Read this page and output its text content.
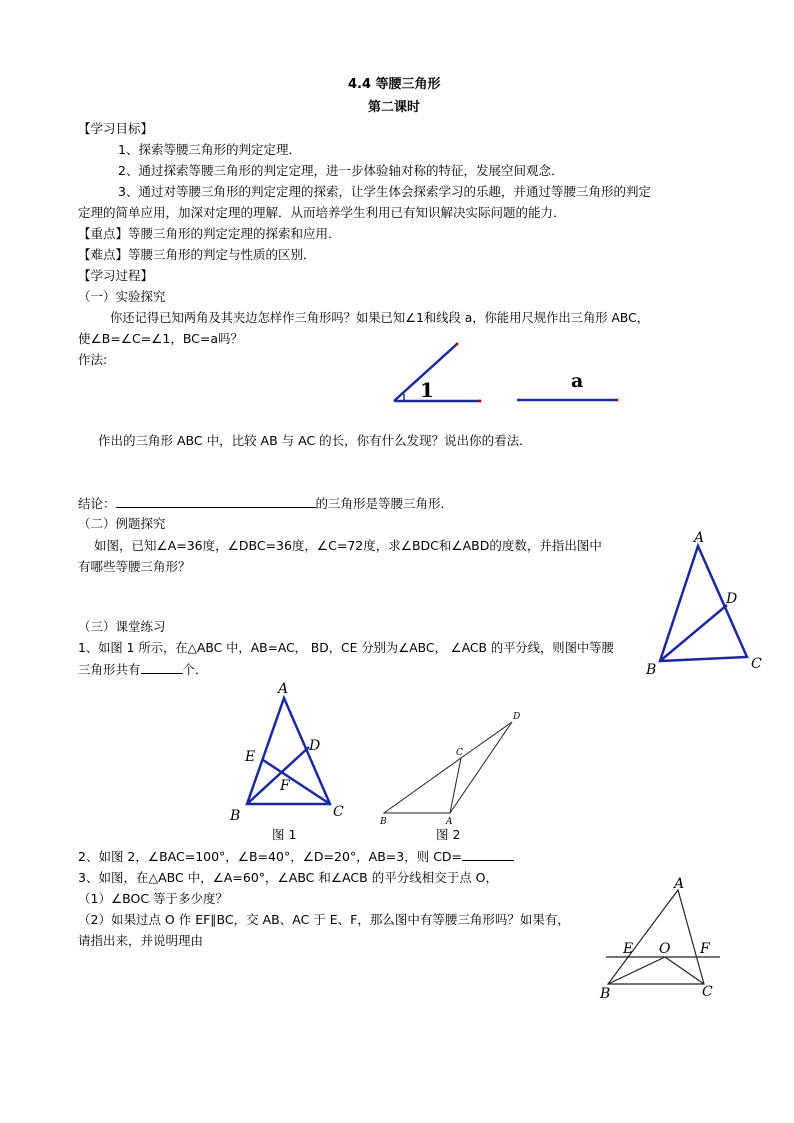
4.4 等腰三角形
第二课时
【学习目标】
1、探索等腰三角形的判定定理．
2、通过探索等腰三角形的判定定理，进一步体验轴对称的特征，发展空间观念．
3、通过对等腰三角形的判定定理的探索，让学生体会探索学习的乐趣，并通过等腰三角形的判定
定理的简单应用，加深对定理的理解．从而培养学生利用已有知识解决实际问题的能力．
【重点】等腰三角形的判定定理的探索和应用．
【难点】等腰三角形的判定与性质的区别．
【学习过程】
（一）实验探究
你还记得已知两角及其夹边怎样作三角形吗？如果已知∠1和线段 a，你能用尺规作出三角形 ABC，
使∠B=∠C=∠1，BC=a吗？
作法:
1	a
作出的三角形 ABC 中，比较 AB 与 AC 的长，你有什么发现？说出你的看法．
结论：	的三角形是等腰三角形．
（二）例题探究
如图，已知∠A=36度，∠DBC=36度，∠C=72度，求∠BDC和∠ABD的度数，并指出图中
有哪些等腰三角形？
A
B	C
D
（三）课堂练习
1、如图 1 所示，在△ABC 中，AB=AC， BD，CE 分别为∠ABC， ∠ACB 的平分线，则图中等腰
三角形共有	个．
A
B	C
D
E
F
图 1
B	A
C
D
图 2
2、如图 2，∠BAC=100°，∠B=40°，∠D=20°，AB=3，则 CD=
3、如图，在△ABC 中，∠A=60°，∠ABC 和∠ACB 的平分线相交于点 O，
（1）∠BOC 等于多少度？
（2）如果过点 O 作 EF∥BC，交 AB、AC 于 E、F，那么图中有等腰三角形吗？如果有，
请指出来，并说明理由
A
E O F
B	C
